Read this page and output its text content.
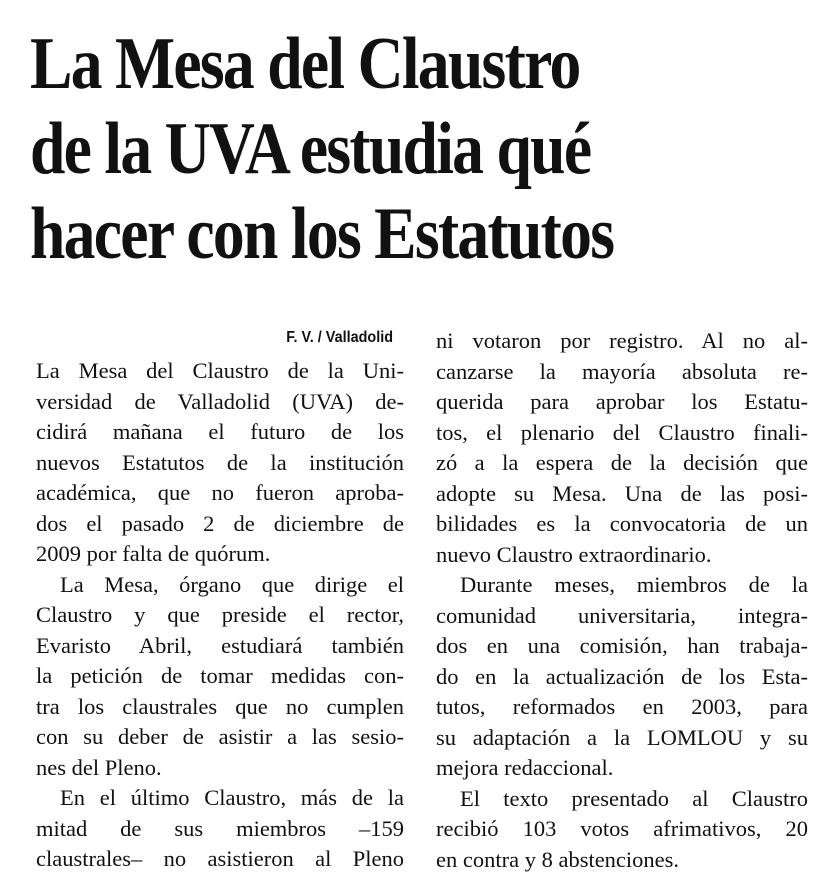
La Mesa del Claustro
de la UVA estudia qué
hacer con los Estatutos
F. V. / Valladolid
La Mesa del Claustro de la Uni-
versidad de Valladolid (UVA) de-
cidirá mañana el futuro de los
nuevos Estatutos de la institución
académica, que no fueron aproba-
dos el pasado 2 de diciembre de
2009 por falta de quórum.
La Mesa, órgano que dirige el
Claustro y que preside el rector,
Evaristo Abril, estudiará también
la petición de tomar medidas con-
tra los claustrales que no cumplen
con su deber de asistir a las sesio-
nes del Pleno.
En el último Claustro, más de la
mitad de sus miembros –159
claustrales– no asistieron al Pleno
ni votaron por registro. Al no al-
canzarse la mayoría absoluta re-
querida para aprobar los Estatu-
tos, el plenario del Claustro finali-
zó a la espera de la decisión que
adopte su Mesa. Una de las posi-
bilidades es la convocatoria de un
nuevo Claustro extraordinario.
Durante meses, miembros de la
comunidad universitaria, integra-
dos en una comisión, han trabaja-
do en la actualización de los Esta-
tutos, reformados en 2003, para
su adaptación a la LOMLOU y su
mejora redaccional.
El texto presentado al Claustro
recibió 103 votos afrimativos, 20
en contra y 8 abstenciones.
